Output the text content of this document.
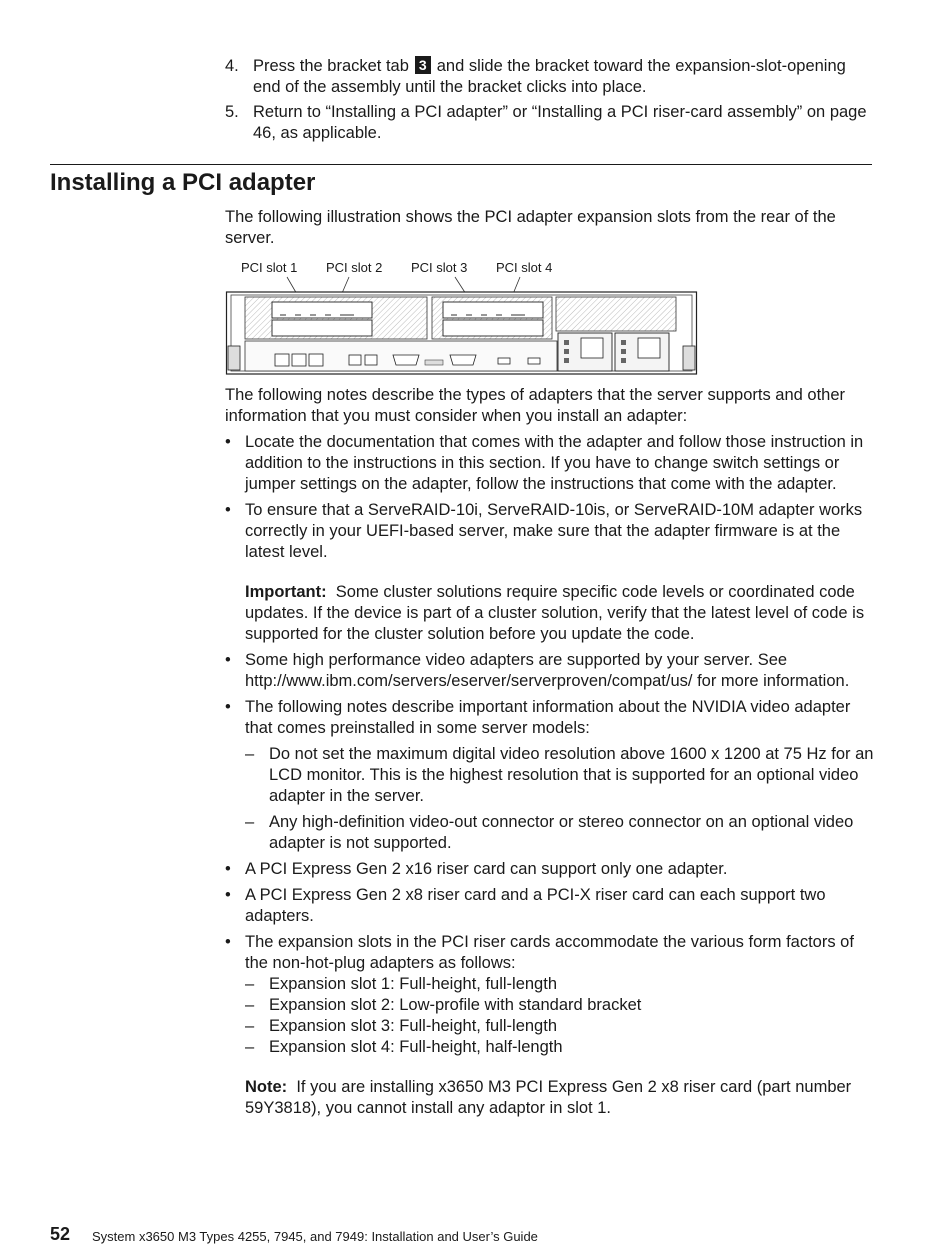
4. Press the bracket tab 3 and slide the bracket toward the expansion-slot-opening end of the assembly until the bracket clicks into place.
5. Return to “Installing a PCI adapter” or “Installing a PCI riser-card assembly” on page 46, as applicable.
Installing a PCI adapter
The following illustration shows the PCI adapter expansion slots from the rear of the server.
PCI slot 1 PCI slot 2 PCI slot 3 PCI slot 4
The following notes describe the types of adapters that the server supports and other information that you must consider when you install an adapter:
• Locate the documentation that comes with the adapter and follow those instruction in addition to the instructions in this section. If you have to change switch settings or jumper settings on the adapter, follow the instructions that come with the adapter.
• To ensure that a ServeRAID-10i, ServeRAID-10is, or ServeRAID-10M adapter works correctly in your UEFI-based server, make sure that the adapter firmware is at the latest level.
Important: Some cluster solutions require specific code levels or coordinated code updates. If the device is part of a cluster solution, verify that the latest level of code is supported for the cluster solution before you update the code.
• Some high performance video adapters are supported by your server. See http://www.ibm.com/servers/eserver/serverproven/compat/us/ for more information.
• The following notes describe important information about the NVIDIA video adapter that comes preinstalled in some server models:
– Do not set the maximum digital video resolution above 1600 x 1200 at 75 Hz for an LCD monitor. This is the highest resolution that is supported for an optional video adapter in the server.
– Any high-definition video-out connector or stereo connector on an optional video adapter is not supported.
• A PCI Express Gen 2 x16 riser card can support only one adapter.
• A PCI Express Gen 2 x8 riser card and a PCI-X riser card can each support two adapters.
• The expansion slots in the PCI riser cards accommodate the various form factors of the non-hot-plug adapters as follows:
– Expansion slot 1: Full-height, full-length
– Expansion slot 2: Low-profile with standard bracket
– Expansion slot 3: Full-height, full-length
– Expansion slot 4: Full-height, half-length
Note: If you are installing x3650 M3 PCI Express Gen 2 x8 riser card (part number 59Y3818), you cannot install any adaptor in slot 1.
52 System x3650 M3 Types 4255, 7945, and 7949: Installation and User’s Guide
